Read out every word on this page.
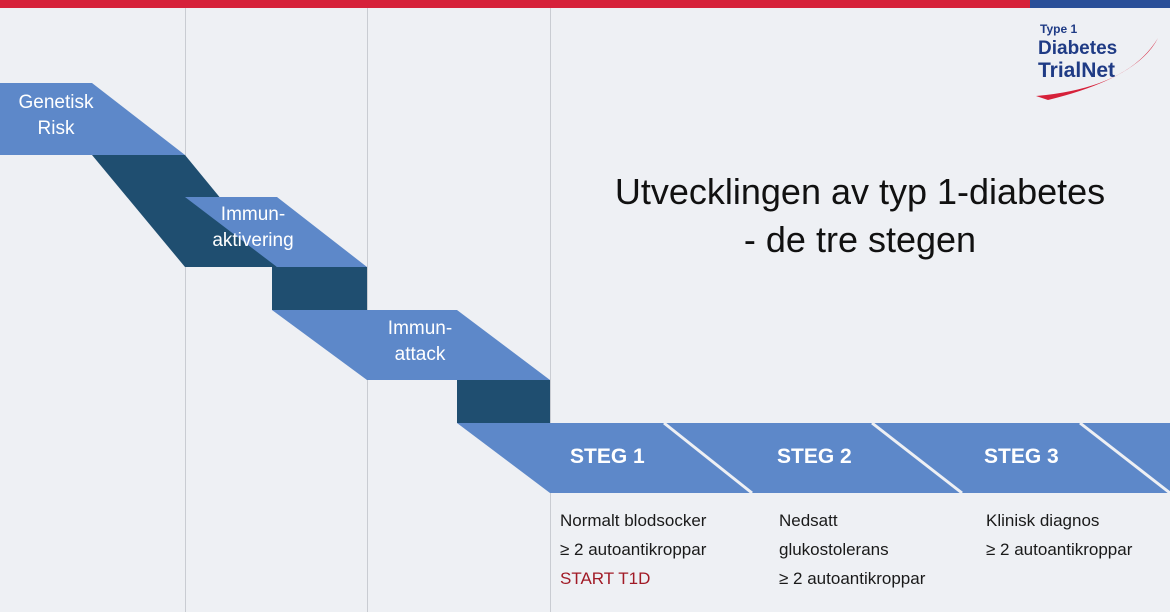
Genetisk
Risk
Immun-
aktivering
Immun-
attack
STEG 1	STEG 2	STEG 3
Normalt blodsocker
≥ 2 autoantikroppar
START T1D
Nedsatt
glukostolerans
≥ 2 autoantikroppar
Klinisk diagnos
≥ 2 autoantikroppar
Utvecklingen av typ 1-diabetes
- de tre stegen
Type 1
Diabetes
TrialNet
